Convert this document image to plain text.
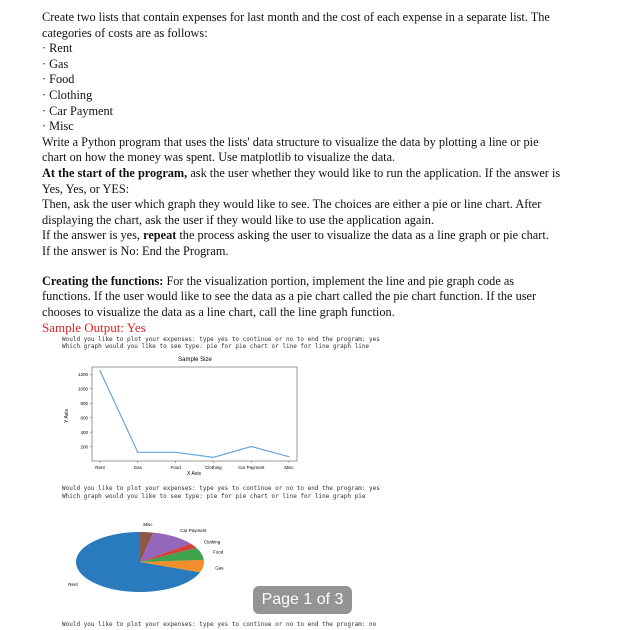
Create two lists that contain expenses for last month and the cost of each expense in a separate list. The categories of costs are as follows:

· Rent

· Gas

· Food

· Clothing

· Car Payment

· Misc

Write a Python program that uses the lists' data structure to visualize the data by plotting a line or pie chart on how the money was spent. Use matplotlib to visualize the data.

At the start of the program, ask the user whether they would like to run the application. If the answer is Yes, Yes, or YES:

Then, ask the user which graph they would like to see. The choices are either a pie or line chart. After displaying the chart, ask the user if they would like to use the application again.

If the answer is yes, repeat the process asking the user to visualize the data as a line graph or pie chart.

If the answer is No: End the Program.

Creating the functions: For the visualization portion, implement the line and pie graph code as functions. If the user would like to see the data as a pie chart called the pie chart function. If the user chooses to visualize the data as a line chart, call the line graph function.

Sample Output: Yes

Would you like to plot your expenses: type yes to continue or no to end the program: yes
Which graph would you like to see type: pie for pie chart or line for line graph line
Sample Size
200
400
600
800
1000
1200
Rent	Gas	Food	Clothing	Car Payment	Misc
X Axis
Y Axis
Would you like to plot your expenses: type yes to continue or no to end the program: yes
Which graph would you like to see type: pie for pie chart or line for line graph pie
Rent
Gas
Food
Clothing
Car Payment
Misc
Page 1 of 3
Would you like to plot your expenses: type yes to continue or no to end the program: no
